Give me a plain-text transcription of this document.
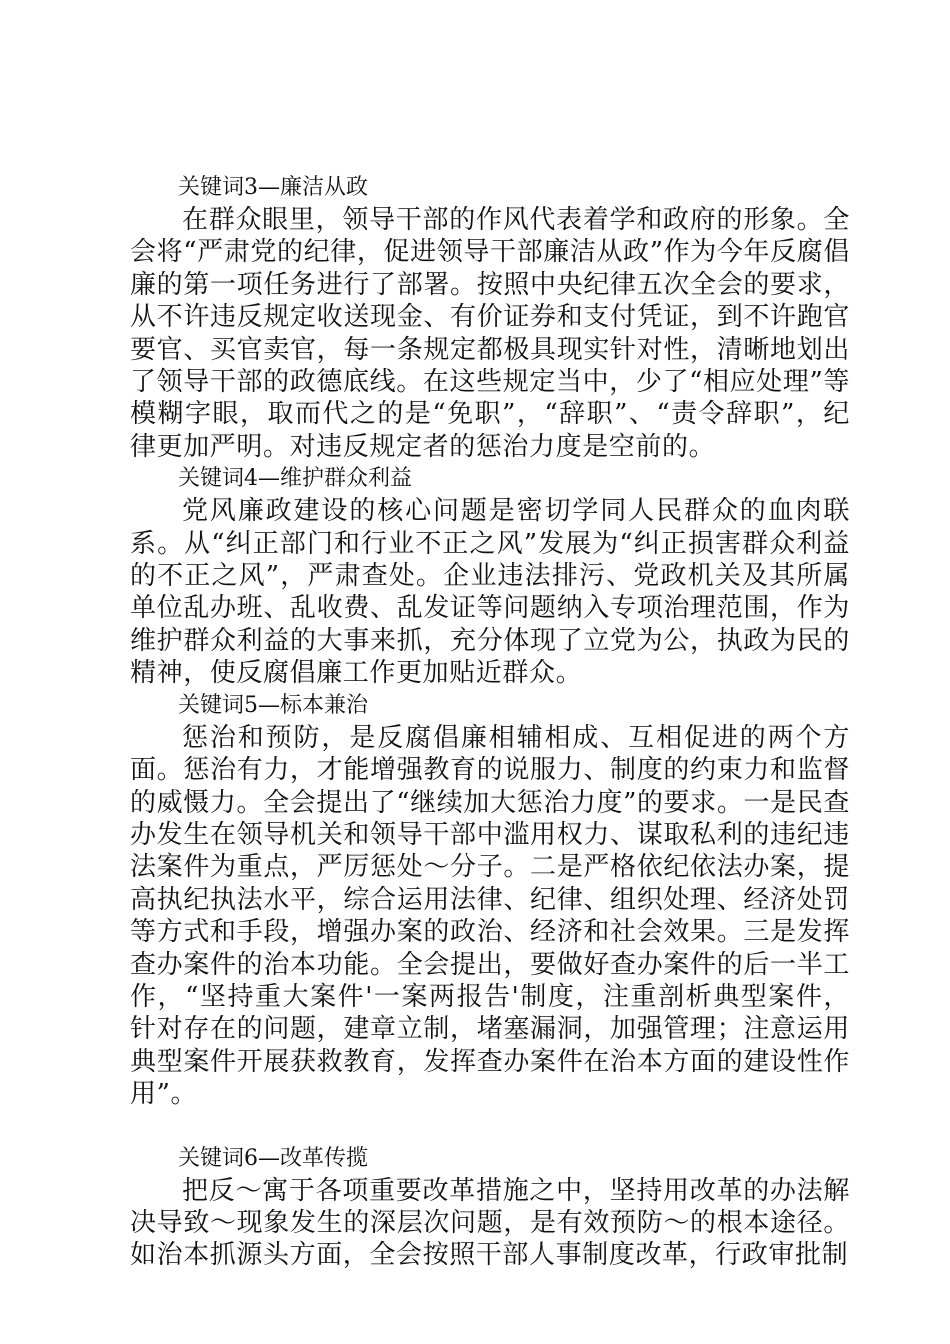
关键词3—廉洁从政

在群众眼里，领导干部的作风代表着学和政府的形象。全会将“严肃党的纪律，促进领导干部廉洁从政”作为今年反腐倡廉的第一项任务进行了部署。按照中央纪律五次全会的要求，从不许违反规定收送现金、有价证券和支付凭证，到不许跑官要官、买官卖官，每一条规定都极具现实针对性，清晰地划出了领导干部的政德底线。在这些规定当中，少了“相应处理”等模糊字眼，取而代之的是“免职”，“辞职”、“责令辞职”，纪律更加严明。对违反规定者的惩治力度是空前的。

关键词4—维护群众利益

党风廉政建设的核心问题是密切学同人民群众的血肉联系。从“纠正部门和行业不正之风”发展为“纠正损害群众利益的不正之风”，严肃查处。企业违法排污、党政机关及其所属单位乱办班、乱收费、乱发证等问题纳入专项治理范围，作为维护群众利益的大事来抓，充分体现了立党为公，执政为民的精神，使反腐倡廉工作更加贴近群众。

关键词5—标本兼治

惩治和预防，是反腐倡廉相辅相成、互相促进的两个方面。惩治有力，才能增强教育的说服力、制度的约束力和监督的威慑力。全会提出了“继续加大惩治力度”的要求。一是民查办发生在领导机关和领导干部中滥用权力、谋取私利的违纪违法案件为重点，严厉惩处～分子。二是严格依纪依法办案，提高执纪执法水平，综合运用法律、纪律、组织处理、经济处罚等方式和手段，增强办案的政治、经济和社会效果。三是发挥查办案件的治本功能。全会提出，要做好查办案件的后一半工作，“坚持重大案件'一案两报告'制度，注重剖析典型案件，针对存在的问题，建章立制，堵塞漏洞，加强管理；注意运用典型案件开展获救教育，发挥查办案件在治本方面的建设性作用”。

关键词6—改革传揽

把反～寓于各项重要改革措施之中，坚持用改革的办法解决导致～现象发生的深层次问题，是有效预防～的根本途径。如治本抓源头方面，全会按照干部人事制度改革，行政审批制
